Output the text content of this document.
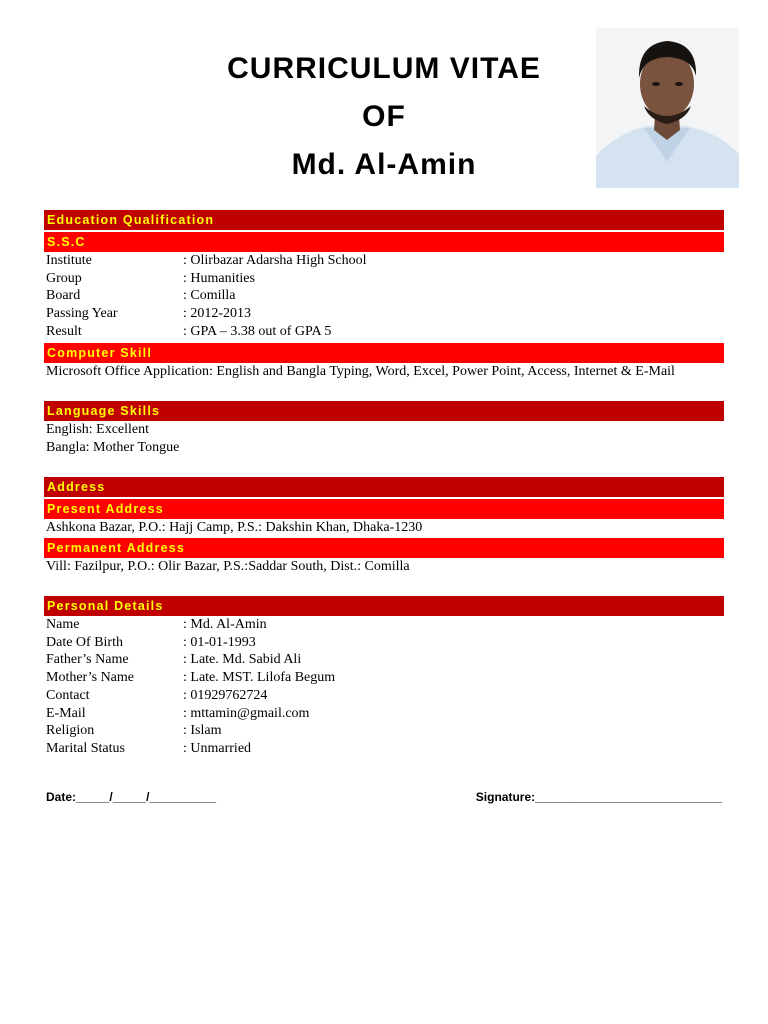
CURRICULUM VITAE
OF
Md. Al-Amin
Education Qualification
S.S.C
Institute	: Olirbazar Adarsha High School
Group	: Humanities
Board	: Comilla
Passing Year	: 2012-2013
Result	: GPA – 3.38 out of GPA 5
Computer Skill
Microsoft Office Application: English and Bangla Typing, Word, Excel, Power Point, Access, Internet & E-Mail
Language Skills
English: Excellent
Bangla: Mother Tongue
Address
Present Address
Ashkona Bazar, P.O.: Hajj Camp, P.S.: Dakshin Khan, Dhaka-1230
Permanent Address
Vill: Fazilpur, P.O.: Olir Bazar, P.S.:Saddar South, Dist.: Comilla
Personal Details
Name	: Md. Al-Amin
Date Of Birth	: 01-01-1993
Father’s Name	: Late. Md. Sabid Ali
Mother’s Name	: Late. MST. Lilofa Begum
Contact	: 01929762724
E-Mail	: mttamin@gmail.com
Religion	: Islam
Marital Status	: Unmarried
Date:_____/_____/__________	Signature:____________________________
